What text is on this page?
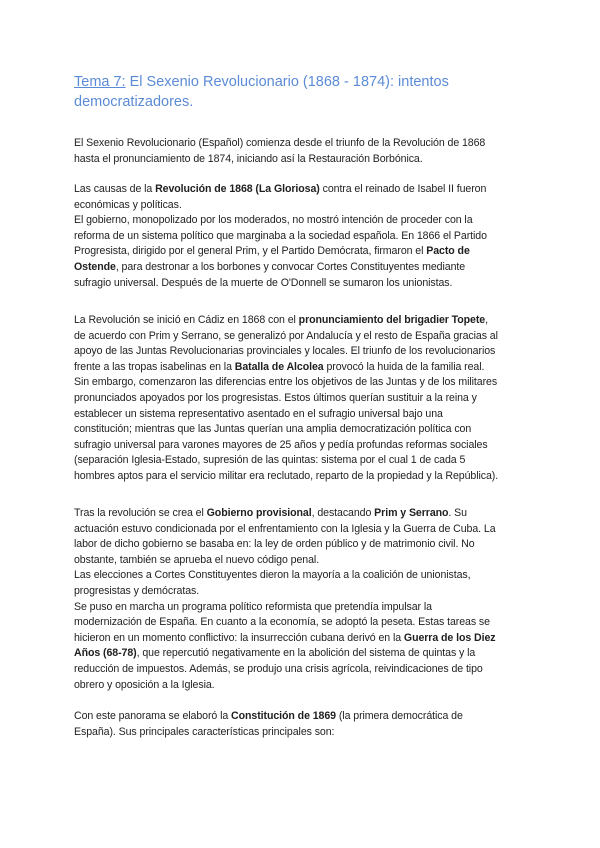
Tema 7: El Sexenio Revolucionario (1868 - 1874): intentos
democratizadores.
El Sexenio Revolucionario (Español) comienza desde el triunfo de la Revolución de 1868
hasta el pronunciamiento de 1874, iniciando así la Restauración Borbónica.
Las causas de la Revolución de 1868 (La Gloriosa) contra el reinado de Isabel II fueron
económicas y políticas.
El gobierno, monopolizado por los moderados, no mostró intención de proceder con la
reforma de un sistema político que marginaba a la sociedad española. En 1866 el Partido
Progresista, dirigido por el general Prim, y el Partido Demócrata, firmaron el Pacto de
Ostende, para destronar a los borbones y convocar Cortes Constituyentes mediante
sufragio universal. Después de la muerte de O'Donnell se sumaron los unionistas.
La Revolución se inició en Cádiz en 1868 con el pronunciamiento del brigadier Topete,
de acuerdo con Prim y Serrano, se generalizó por Andalucía y el resto de España gracias al
apoyo de las Juntas Revolucionarias provinciales y locales. El triunfo de los revolucionarios
frente a las tropas isabelinas en la Batalla de Alcolea provocó la huida de la familia real.
Sin embargo, comenzaron las diferencias entre los objetivos de las Juntas y de los militares
pronunciados apoyados por los progresistas. Estos últimos querían sustituir a la reina y
establecer un sistema representativo asentado en el sufragio universal bajo una
constitución; mientras que las Juntas querían una amplia democratización política con
sufragio universal para varones mayores de 25 años y pedía profundas reformas sociales
(separación Iglesia-Estado, supresión de las quintas: sistema por el cual 1 de cada 5
hombres aptos para el servicio militar era reclutado, reparto de la propiedad y la República).
Tras la revolución se crea el Gobierno provisional, destacando Prim y Serrano. Su
actuación estuvo condicionada por el enfrentamiento con la Iglesia y la Guerra de Cuba. La
labor de dicho gobierno se basaba en: la ley de orden público y de matrimonio civil. No
obstante, también se aprueba el nuevo código penal.
Las elecciones a Cortes Constituyentes dieron la mayoría a la coalición de unionistas,
progresistas y demócratas.
Se puso en marcha un programa político reformista que pretendía impulsar la
modernización de España. En cuanto a la economía, se adoptó la peseta. Estas tareas se
hicieron en un momento conflictivo: la insurrección cubana derivó en la Guerra de los Diez
Años (68-78), que repercutió negativamente en la abolición del sistema de quintas y la
reducción de impuestos. Además, se produjo una crisis agrícola, reivindicaciones de tipo
obrero y oposición a la Iglesia.
Con este panorama se elaboró la Constitución de 1869 (la primera democrática de
España). Sus principales características principales son:
